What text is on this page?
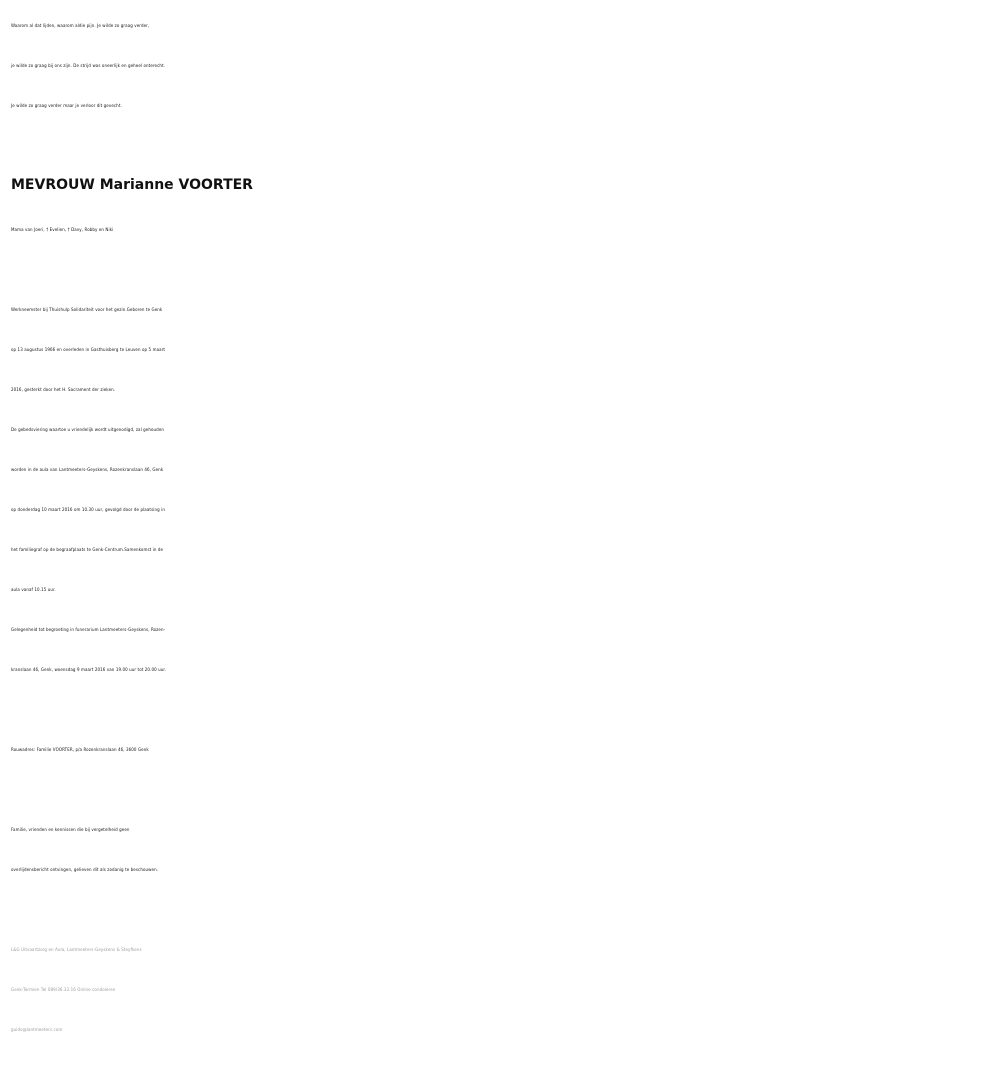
Waarom al dat lijden, waarom aldie pijn. Je wilde zo graag verder,
je wilde zo graag bij ons zijn. De strijd was oneerlijk en geheel onterecht.
Je wilde zo graag verder maar je verloor dit gevecht.
MEVROUW Marianne VOORTER
Mama van Joeri, † Evelien, † Davy, Robby en Niki
Werkneemster bij Thuishulp Solidariteit voor het gezin.Geboren te Genk
op 13 augustus 1966 en overleden in Gasthuisberg te Leuven op 5 maart
2016, gesterkt door het H. Sacrament der zieken.
De gebedsviering waartoe u vriendelijk wordt uitgenodigd, zal gehouden
worden in de aula van Lantmeeters-Geyskens, Rozenkranslaan 46, Genk
op donderdag 10 maart 2016 om 10.30 uur, gevolgd door de plaatsing in
het familiegraf op de begraafplaats te Genk-Centrum.Samenkomst in de
aula vanaf 10.15 uur.
Gelegenheid tot begroeting in funerarium Lantmeeters-Geyskens, Rozen-
kranslaan 46, Genk, woensdag 9 maart 2016 van 19.00 uur tot 20.00 uur.
Rouwadres: Familie VOORTER, p/a Rozenkranslaan 46, 3600 Genk
Familie, vrienden en kennissen die bij vergetelheid geen
overlijdensbericht ontvingen, gelieven dit als zodanig te beschouwen.
L&G Uitvaartzorg en Aula, Lantmeeters-Geyskens & Steyfkens
Genk-Termien Tel 089/36.33.16 Online condoleren
guido@lantmeeters.com
